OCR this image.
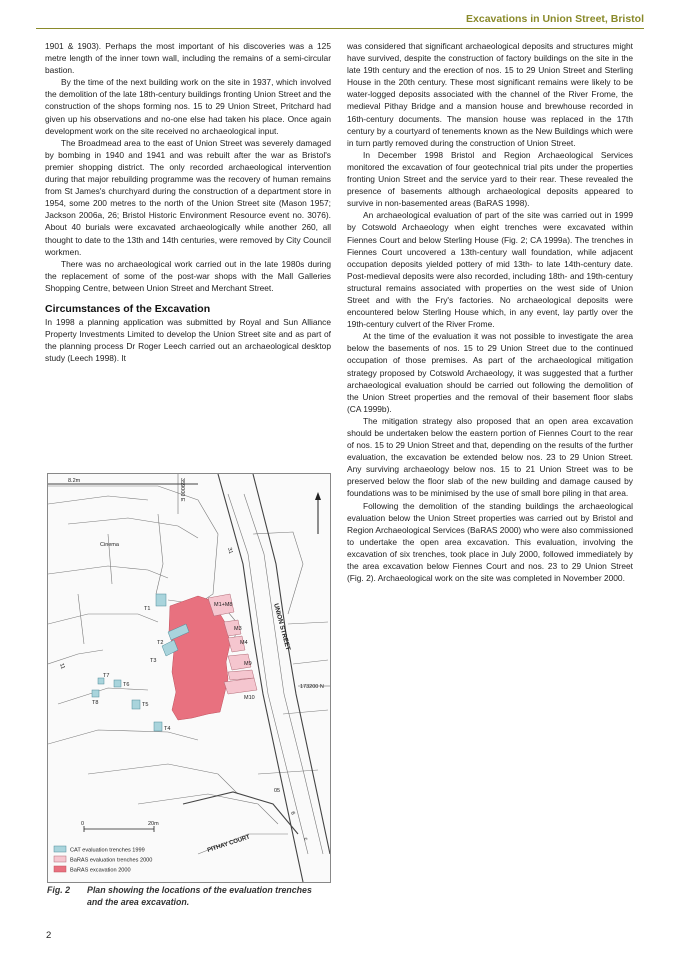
Excavations in Union Street, Bristol

1901 & 1903). Perhaps the most important of his discoveries was a 125 metre length of the inner town wall, including the remains of a semi-circular bastion.

By the time of the next building work on the site in 1937, which involved the demolition of the late 18th-century buildings fronting Union Street and the construction of the shops forming nos. 15 to 29 Union Street, Pritchard had given up his observations and no-one else had taken his place. Once again development work on the site received no archaeological input.

The Broadmead area to the east of Union Street was severely damaged by bombing in 1940 and 1941 and was rebuilt after the war as Bristol's premier shopping district. The only recorded archaeological intervention during that major rebuilding programme was the recovery of human remains from St James's churchyard during the construction of a department store in 1954, some 200 metres to the north of the Union Street site (Mason 1957; Jackson 2006a, 26; Bristol Historic Environment Resource event no. 3076). About 40 burials were excavated archaeologically while another 260, all thought to date to the 13th and 14th centuries, were removed by City Council workmen.

There was no archaeological work carried out in the late 1980s during the replacement of some of the post-war shops with the Mall Galleries Shopping Centre, between Union Street and Merchant Street.

Circumstances of the Excavation

In 1998 a planning application was submitted by Royal and Sun Alliance Property Investments Limited to develop the Union Street site and as part of the planning process Dr Roger Leech carried out an archaeological desktop study (Leech 1998). It

was considered that significant archaeological deposits and structures might have survived, despite the construction of factory buildings on the site in the late 19th century and the erection of nos. 15 to 29 Union Street and Sterling House in the 20th century. These most significant remains were likely to be water-logged deposits associated with the channel of the River Frome, the medieval Pithay Bridge and a mansion house and brewhouse recorded in 16th-century documents. The mansion house was replaced in the 17th century by a courtyard of tenements known as the New Buildings which were in turn partly removed during the construction of Union Street.

In December 1998 Bristol and Region Archaeological Services monitored the excavation of four geotechnical trial pits under the properties fronting Union Street and the service yard to their rear. These revealed the presence of basements although archaeological deposits appeared to survive in non-basemented areas (BaRAS 1998).

An archaeological evaluation of part of the site was carried out in 1999 by Cotswold Archaeology when eight trenches were excavated within Fiennes Court and below Sterling House (Fig. 2; CA 1999a). The trenches in Fiennes Court uncovered a 13th-century wall foundation, while adjacent occupation deposits yielded pottery of mid 13th- to late 14th-century date. Post-medieval deposits were also recorded, including 18th- and 19th-century structural remains associated with properties on the west side of Union Street and with the Fry's factories. No archaeological deposits were encountered below Sterling House which, in any event, lay partly over the 19th-century culvert of the River Frome.

At the time of the evaluation it was not possible to investigate the area below the basements of nos. 15 to 29 Union Street due to the continued occupation of those premises. As part of the archaeological mitigation strategy proposed by Cotswold Archaeology, it was suggested that a further archaeological evaluation should be carried out following the demolition of the Union Street properties and the removal of their basement floor slabs (CA 1999b).

The mitigation strategy also proposed that an open area excavation should be undertaken below the eastern portion of Fiennes Court to the rear of nos. 15 to 29 Union Street and that, depending on the results of the further evaluation, the excavation be extended below nos. 23 to 29 Union Street. Any surviving archaeology below nos. 15 to 21 Union Street was to be preserved below the floor slab of the new building and damage caused by foundations was to be minimised by the use of small bore piling in that area.

Following the demolition of the standing buildings the archaeological evaluation below the Union Street properties was carried out by Bristol and Region Archaeological Services (BaRAS 2000) who were also commissioned to undertake the open area excavation. This evaluation, involving the excavation of six trenches, took place in July 2000, followed immediately by the area excavation below Fiennes Court and nos. 23 to 29 Union Street (Fig. 2). Archaeological work on the site was completed in November 2000.

T1
T2
T3
T4
T5
T6
T7
T8
M1+M8
M3
M4
M9
M10
8.2m	359000 E
173200 N
Cinema
31
11
6
05
c
UNION STREET
PITHAY COURT
0	20m
CAT evaluation trenches 1999
BaRAS evaluation trenches 2000
BaRAS excavation 2000
Fig. 2 Plan showing the locations of the evaluation trenches and the area excavation.
2
